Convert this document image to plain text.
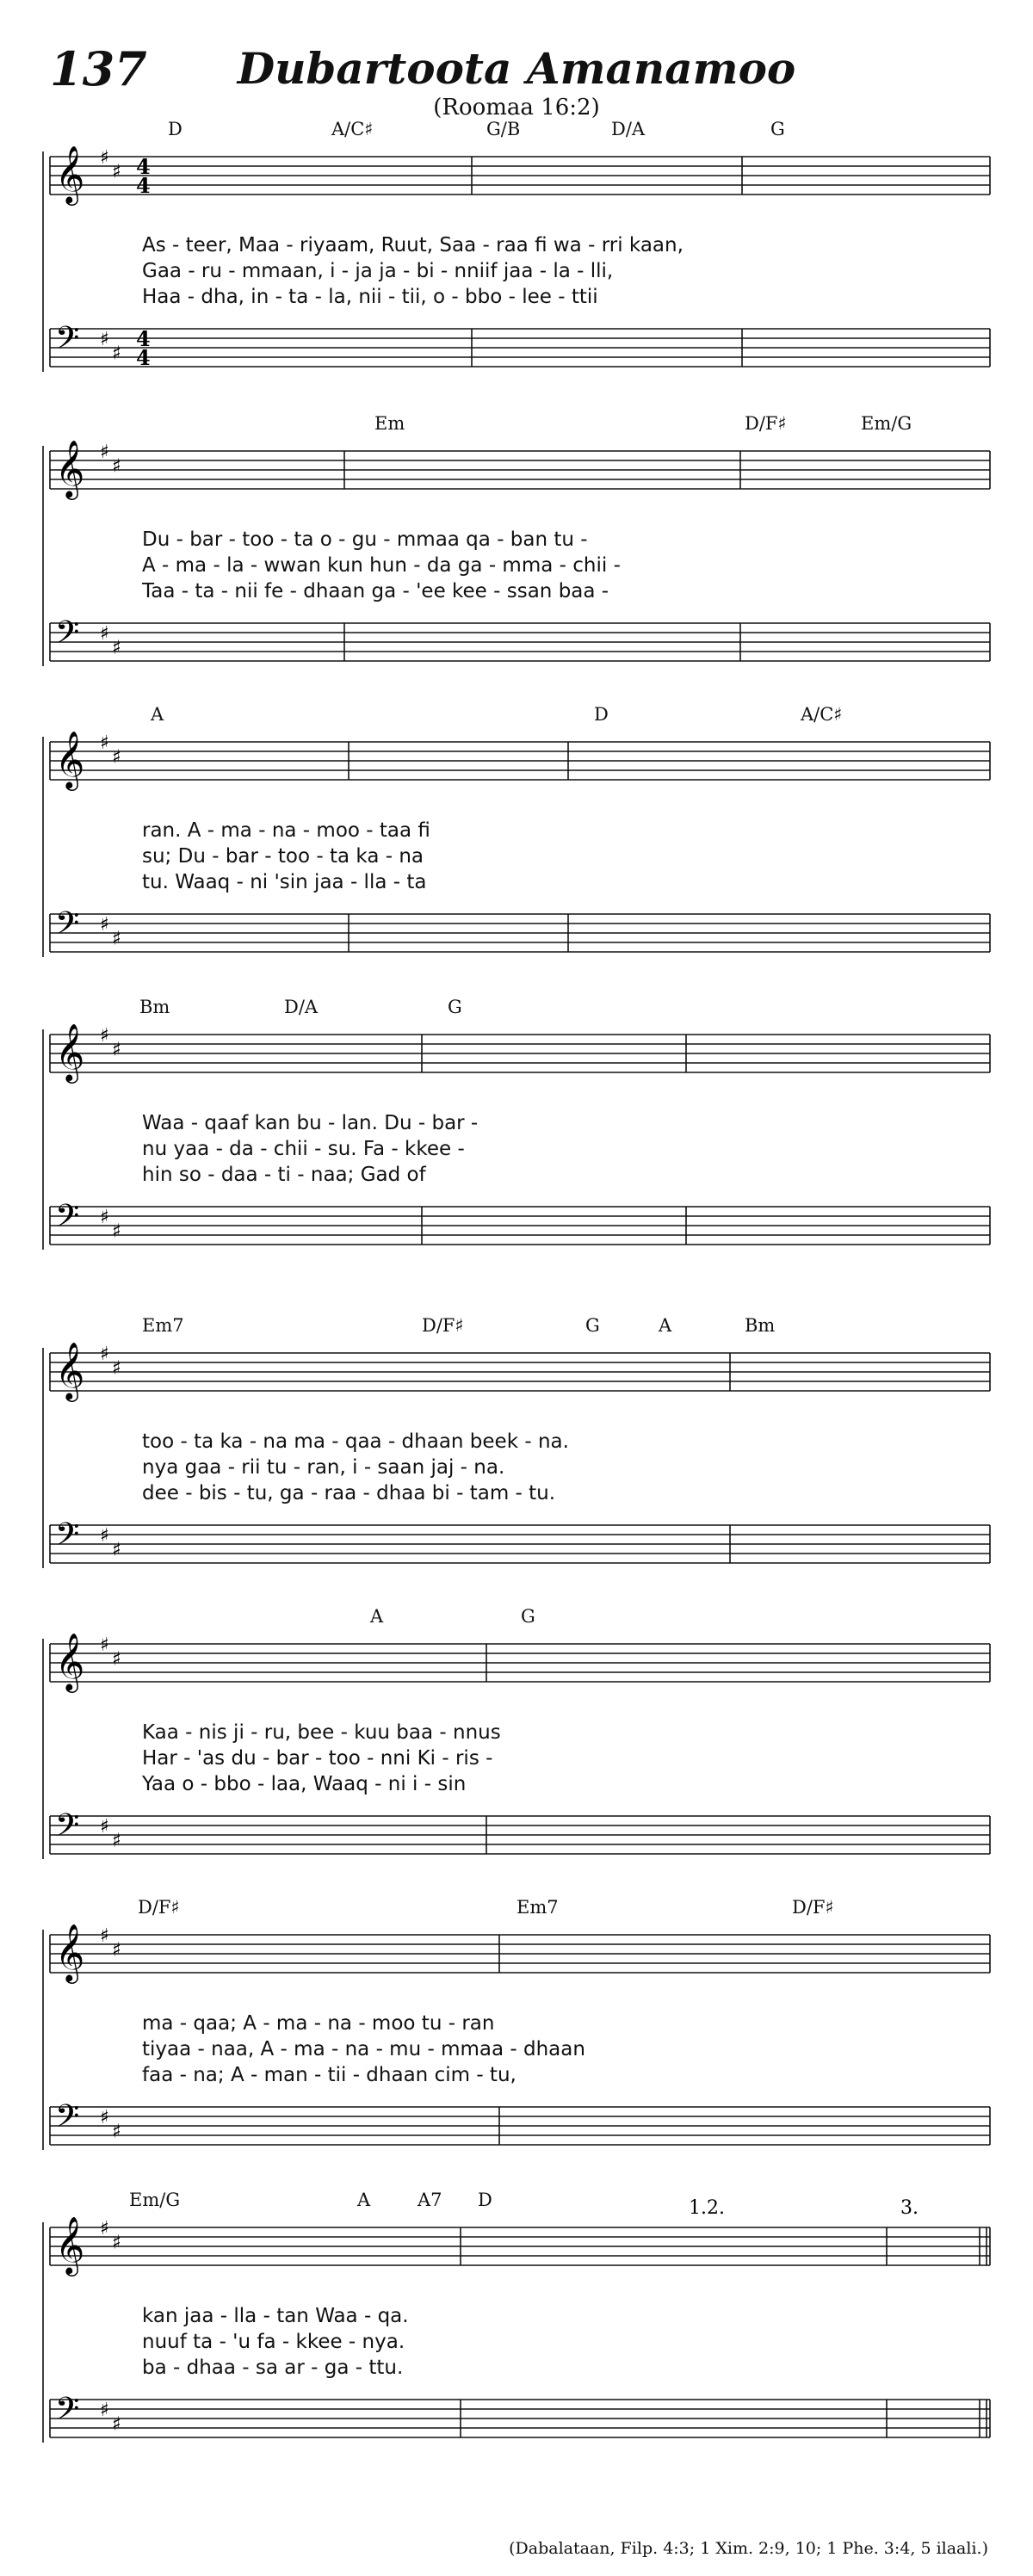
137	Dubartoota Amanamoo
(Roomaa 16:2)
𝄞
𝄢
♯
♯
♯
♯
4
4
4
4
D	A/C♯	G/B	D/A	G
As - teer, Maa - riyaam, Ruut, Saa - raa fi wa - rri kaan,
Gaa - ru - mmaan, i - ja ja - bi - nniif jaa - la - lli,
Haa - dha, in - ta - la, nii - tii, o - bbo - lee - ttii
𝄞
𝄢
♯
♯
♯
♯
Em	D/F♯	Em/G
Du - bar - too - ta o - gu - mmaa qa - ban tu -
A - ma - la - wwan kun hun - da ga - mma - chii -
Taa - ta - nii fe - dhaan ga - 'ee kee - ssan baa -
𝄞
𝄢
♯
♯
♯
♯
A	D	A/C♯
ran. A - ma - na - moo - taa fi
su; Du - bar - too - ta ka - na
tu. Waaq - ni 'sin jaa - lla - ta
𝄞
𝄢
♯
♯
♯
♯
Bm	D/A	G
Waa - qaaf kan bu - lan. Du - bar -
nu yaa - da - chii - su. Fa - kkee -
hin so - daa - ti - naa; Gad of
𝄞
𝄢
♯
♯
♯
♯
Em7	D/F♯	G	A	Bm
too - ta ka - na ma - qaa - dhaan beek - na.
nya gaa - rii tu - ran, i - saan jaj - na.
dee - bis - tu, ga - raa - dhaa bi - tam - tu.
𝄞
𝄢
♯
♯
♯
♯
A	G
Kaa - nis ji - ru, bee - kuu baa - nnus
Har - 'as du - bar - too - nni Ki - ris -
Yaa o - bbo - laa, Waaq - ni i - sin
𝄞
𝄢
♯
♯
♯
♯
D/F♯	Em7	D/F♯
ma - qaa; A - ma - na - moo tu - ran
tiyaa - naa, A - ma - na - mu - mmaa - dhaan
faa - na; A - man - tii - dhaan cim - tu,
𝄞
𝄢
♯
♯
♯
♯
1.2.	3.
Em/G	A	A7 D
kan jaa - lla - tan Waa - qa.
nuuf ta - 'u fa - kkee - nya.
ba - dhaa - sa ar - ga - ttu.
(Dabalataan, Filp. 4:3; 1 Xim. 2:9, 10; 1 Phe. 3:4, 5 ilaali.)
